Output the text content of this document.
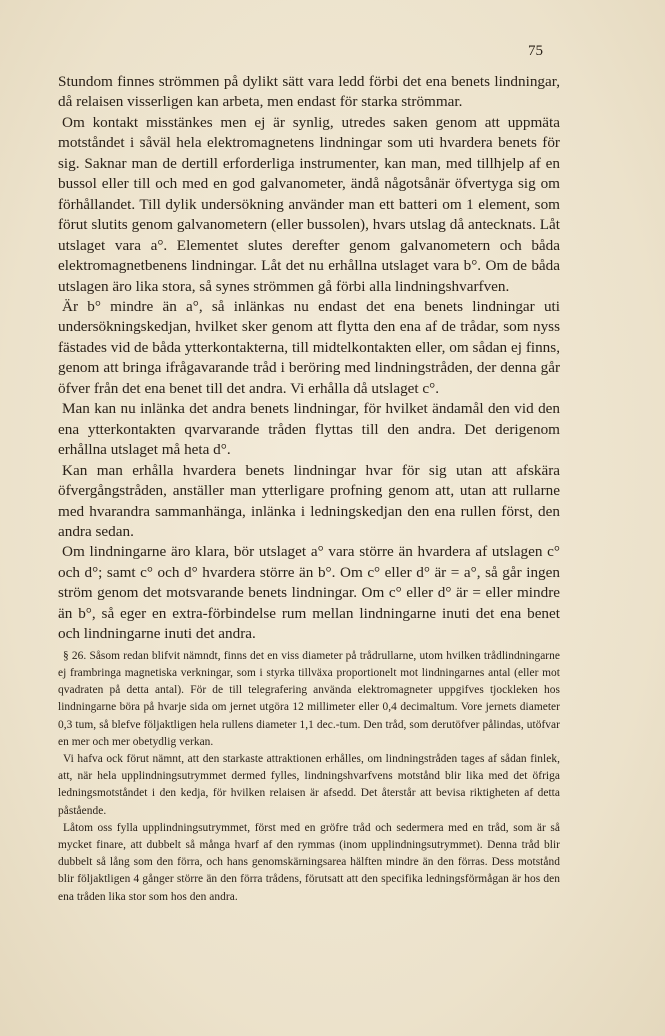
75

Stundom finnes strömmen på dylikt sätt vara ledd förbi det ena benets lindningar, då relaisen visserligen kan arbeta, men endast för starka strömmar.

Om kontakt misstänkes men ej är synlig, utredes saken genom att uppmäta motståndet i såväl hela elektromagnetens lindningar som uti hvardera benets för sig. Saknar man de dertill erforderliga instrumenter, kan man, med tillhjelp af en bussol eller till och med en god galvanometer, ändå någotsånär öfvertyga sig om förhållandet. Till dylik undersökning använder man ett batteri om 1 element, som förut slutits genom galvanometern (eller bussolen), hvars utslag då antecknats. Låt utslaget vara a°. Elementet slutes derefter genom galvanometern och båda elektromagnetbenens lindningar. Låt det nu erhållna utslaget vara b°. Om de båda utslagen äro lika stora, så synes strömmen gå förbi alla lindningshvarfven.

Är b° mindre än a°, så inlänkas nu endast det ena benets lindningar uti undersökningskedjan, hvilket sker genom att flytta den ena af de trådar, som nyss fästades vid de båda ytterkontakterna, till midtelkontakten eller, om sådan ej finns, genom att bringa ifrågavarande tråd i beröring med lindningstråden, der denna går öfver från det ena benet till det andra. Vi erhålla då utslaget c°.

Man kan nu inlänka det andra benets lindningar, för hvilket ändamål den vid den ena ytterkontakten qvarvarande tråden flyttas till den andra. Det derigenom erhållna utslaget må heta d°.

Kan man erhålla hvardera benets lindningar hvar för sig utan att afskära öfvergångstråden, anställer man ytterligare profning genom att, utan att rullarne med hvarandra sammanhänga, inlänka i ledningskedjan den ena rullen först, den andra sedan.

Om lindningarne äro klara, bör utslaget a° vara större än hvardera af utslagen c° och d°; samt c° och d° hvardera större än b°. Om c° eller d° är = a°, så går ingen ström genom det motsvarande benets lindningar. Om c° eller d° är = eller mindre än b°, så eger en extra-förbindelse rum mellan lindningarne inuti det ena benet och lindningarne inuti det andra.

§ 26. Såsom redan blifvit nämndt, finns det en viss diameter på trådrullarne, utom hvilken trådlindningarne ej frambringa magnetiska verkningar, som i styrka tillväxa proportionelt mot lindningarnes antal (eller mot qvadraten på detta antal). För de till telegrafering använda elektromagneter uppgifves tjockleken hos lindningarne böra på hvarje sida om jernet utgöra 12 millimeter eller 0,4 decimaltum. Vore jernets diameter 0,3 tum, så blefve följaktligen hela rullens diameter 1,1 dec.-tum. Den tråd, som derutöfver pålindas, utöfvar en mer och mer obetydlig verkan.

Vi hafva ock förut nämnt, att den starkaste attraktionen erhålles, om lindningstråden tages af sådan finlek, att, när hela upplindningsutrymmet dermed fylles, lindningshvarfvens motstånd blir lika med det öfriga ledningsmotståndet i den kedja, för hvilken relaisen är afsedd. Det återstår att bevisa riktigheten af detta påstående.

Låtom oss fylla upplindningsutrymmet, först med en gröfre tråd och sedermera med en tråd, som är så mycket finare, att dubbelt så många hvarf af den rymmas (inom upplindningsutrymmet). Denna tråd blir dubbelt så lång som den förra, och hans genomskärningsarea hälften mindre än den förras. Dess motstånd blir följaktligen 4 gånger större än den förra trådens, förutsatt att den specifika ledningsförmågan är hos den ena tråden lika stor som hos den andra.
